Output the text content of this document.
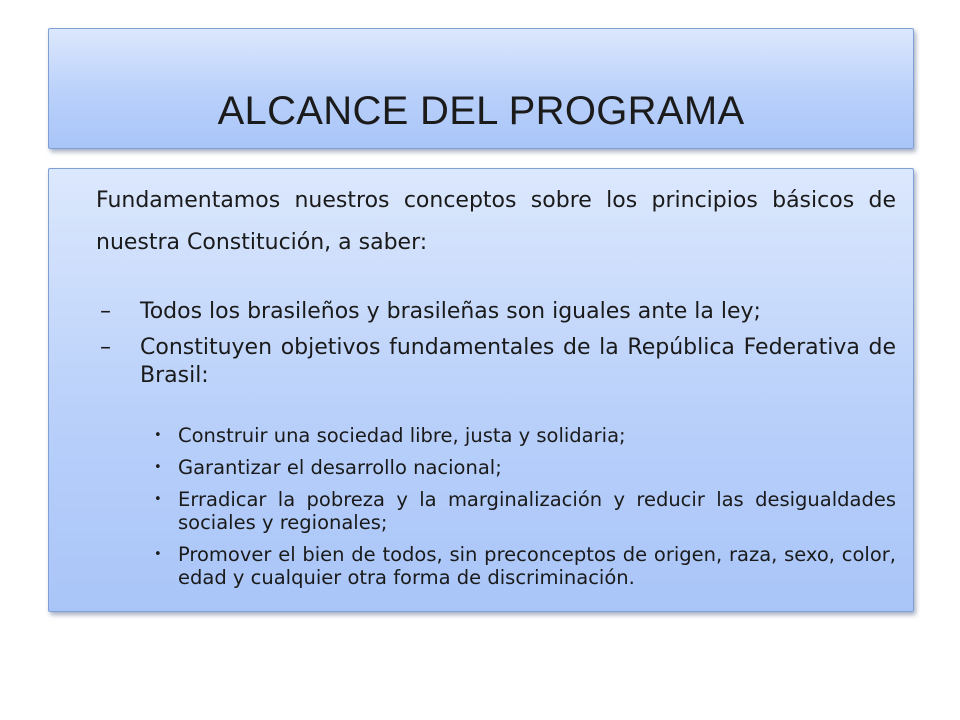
ALCANCE DEL PROGRAMA

Fundamentamos nuestros conceptos sobre los principios básicos de nuestra Constitución, a saber:

–	Todos los brasileños y brasileñas son iguales ante la ley;
–	Constituyen objetivos fundamentales de la República Federativa de Brasil:
• Construir una sociedad libre, justa y solidaria;
• Garantizar el desarrollo nacional;
• Erradicar la pobreza y la marginalización y reducir las desigualdades sociales y regionales;
• Promover el bien de todos, sin preconceptos de origen, raza, sexo, color, edad y cualquier otra forma de discriminación.
